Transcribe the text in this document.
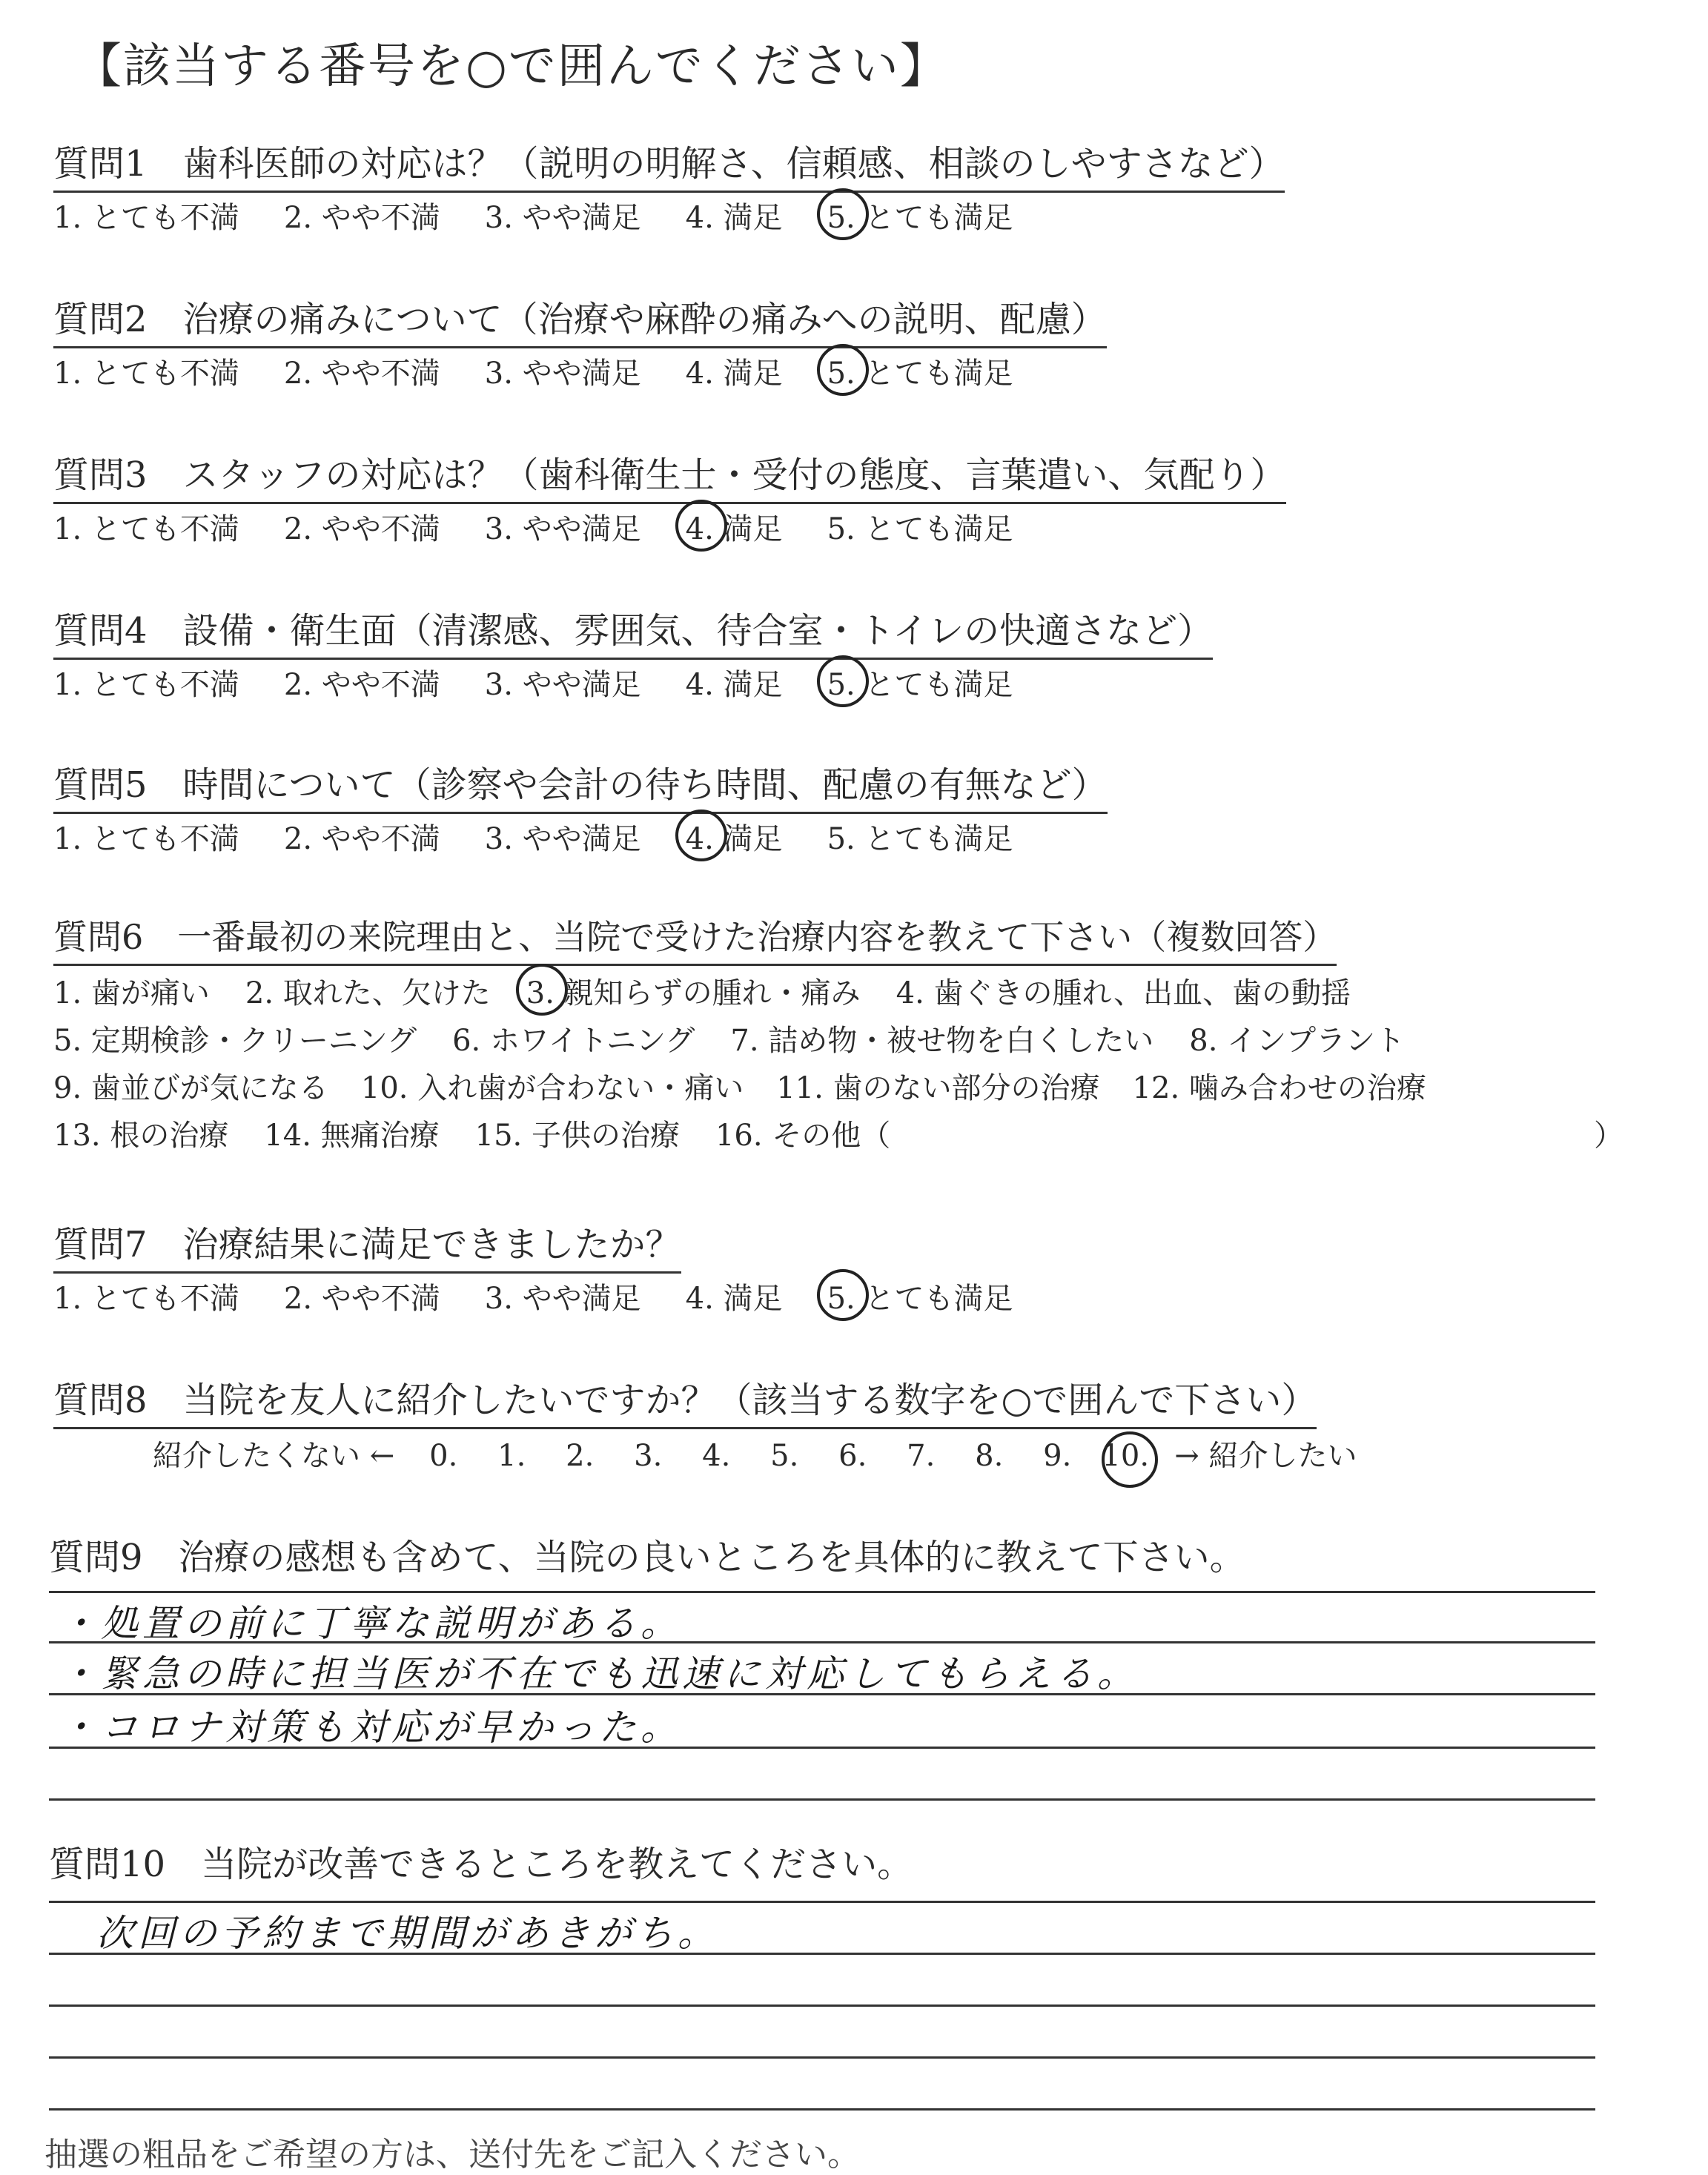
【該当する番号を○で囲んでください】
質問1　歯科医師の対応は？（説明の明解さ、信頼感、相談のしやすさなど）
1. とても不満 2. やや不満 3. やや満足 4. 満足 5. とても満足
質問2　治療の痛みについて（治療や麻酔の痛みへの説明、配慮）
1. とても不満 2. やや不満 3. やや満足 4. 満足 5. とても満足
質問3　スタッフの対応は？（歯科衛生士・受付の態度、言葉遣い、気配り）
1. とても不満 2. やや不満 3. やや満足 4. 満足 5. とても満足
質問4　設備・衛生面（清潔感、雰囲気、待合室・トイレの快適さなど）
1. とても不満 2. やや不満 3. やや満足 4. 満足 5. とても満足
質問5　時間について（診察や会計の待ち時間、配慮の有無など）
1. とても不満 2. やや不満 3. やや満足 4. 満足 5. とても満足
質問6　一番最初の来院理由と、当院で受けた治療内容を教えて下さい（複数回答）
1. 歯が痛い 2. 取れた、欠けた 3. 親知らずの腫れ・痛み 4. 歯ぐきの腫れ、出血、歯の動揺
5. 定期検診・クリーニング 6. ホワイトニング 7. 詰め物・被せ物を白くしたい 8. インプラント
9. 歯並びが気になる 10. 入れ歯が合わない・痛い 11. 歯のない部分の治療 12. 噛み合わせの治療
13. 根の治療 14. 無痛治療 15. 子供の治療 16. その他（	）
質問7　治療結果に満足できましたか？
1. とても不満 2. やや不満 3. やや満足 4. 満足 5. とても満足
質問8　当院を友人に紹介したいですか？（該当する数字を○で囲んで下さい）
紹介したくない ← 0. 1. 2. 3. 4. 5. 6. 7. 8. 9. 10. → 紹介したい
質問9　治療の感想も含めて、当院の良いところを具体的に教えて下さい。
・処置の前に丁寧な説明がある。
・緊急の時に担当医が不在でも迅速に対応してもらえる。
・コロナ対策も対応が早かった。
質問10　当院が改善できるところを教えてください。
次回の予約まで期間があきがち。
抽選の粗品をご希望の方は、送付先をご記入ください。
